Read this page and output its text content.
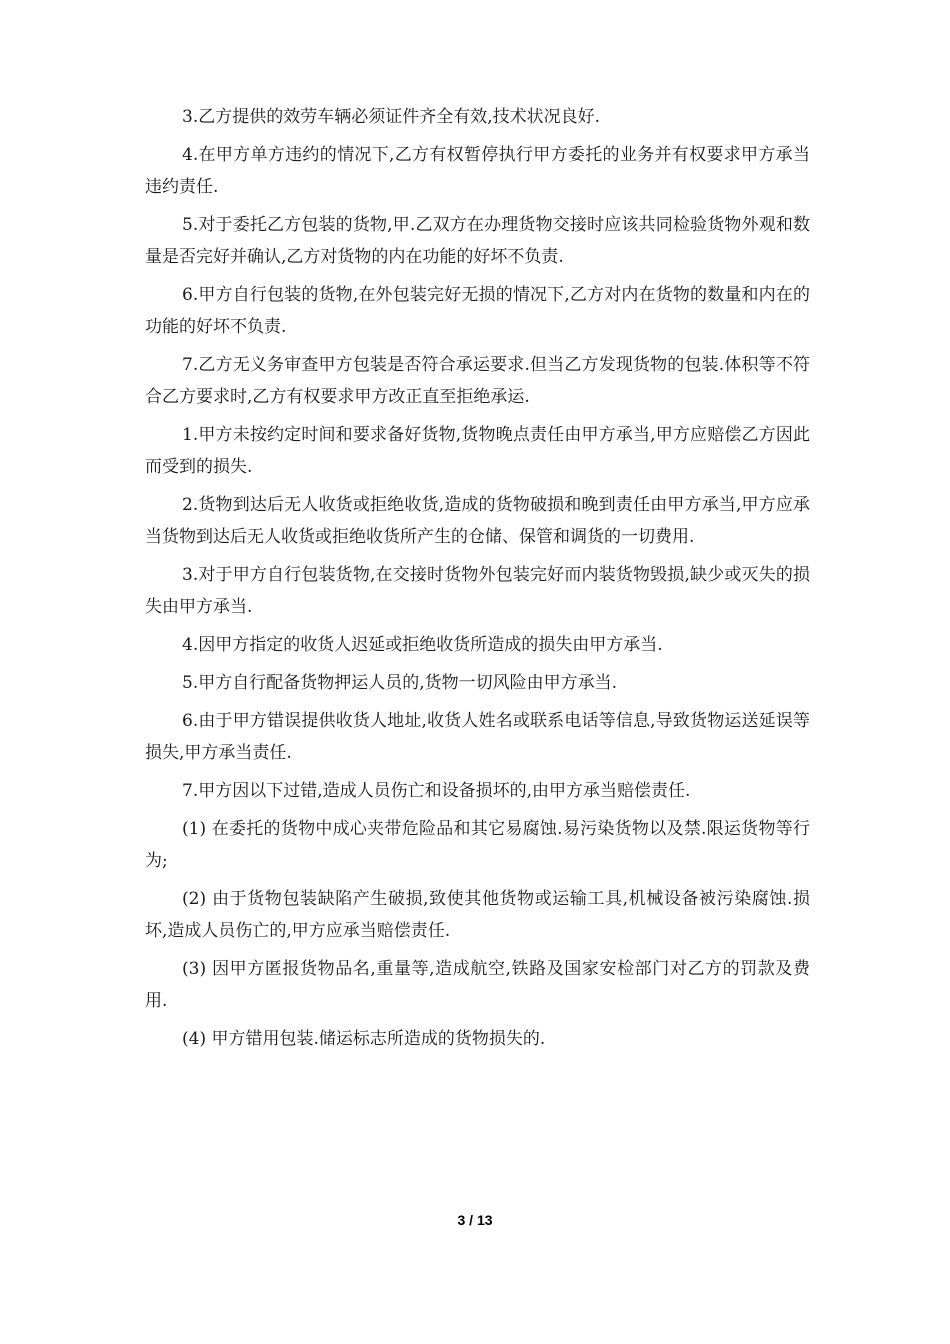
3.乙方提供的效劳车辆必须证件齐全有效,技术状况良好.

4.在甲方单方违约的情况下,乙方有权暂停执行甲方委托的业务并有权要求甲方承当违约责任.

5.对于委托乙方包装的货物,甲.乙双方在办理货物交接时应该共同检验货物外观和数量是否完好并确认,乙方对货物的内在功能的好坏不负责.

6.甲方自行包装的货物,在外包装完好无损的情况下,乙方对内在货物的数量和内在的功能的好坏不负责.

7.乙方无义务审查甲方包装是否符合承运要求.但当乙方发现货物的包装.体积等不符合乙方要求时,乙方有权要求甲方改正直至拒绝承运.

1.甲方未按约定时间和要求备好货物,货物晚点责任由甲方承当,甲方应赔偿乙方因此而受到的损失.

2.货物到达后无人收货或拒绝收货,造成的货物破损和晚到责任由甲方承当,甲方应承当货物到达后无人收货或拒绝收货所产生的仓储、保管和调货的一切费用.

3.对于甲方自行包装货物,在交接时货物外包装完好而内装货物毁损,缺少或灭失的损失由甲方承当.

4.因甲方指定的收货人迟延或拒绝收货所造成的损失由甲方承当.

5.甲方自行配备货物押运人员的,货物一切风险由甲方承当.

6.由于甲方错误提供收货人地址,收货人姓名或联系电话等信息,导致货物运送延误等损失,甲方承当责任.

7.甲方因以下过错,造成人员伤亡和设备损坏的,由甲方承当赔偿责任.

(1) 在委托的货物中成心夹带危险品和其它易腐蚀.易污染货物以及禁.限运货物等行为;

(2) 由于货物包装缺陷产生破损,致使其他货物或运输工具,机械设备被污染腐蚀.损坏,造成人员伤亡的,甲方应承当赔偿责任.

(3) 因甲方匿报货物品名,重量等,造成航空,铁路及国家安检部门对乙方的罚款及费用.

(4) 甲方错用包装.储运标志所造成的货物损失的.

3 / 13
